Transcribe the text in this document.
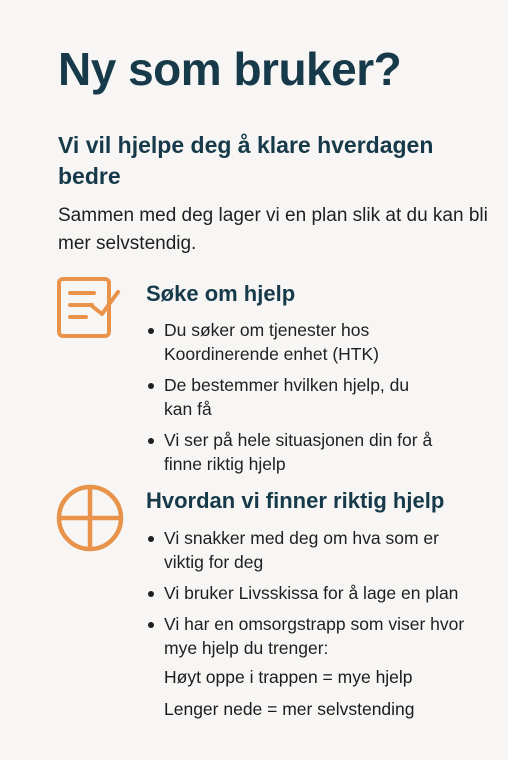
Ny som bruker?
Vi vil hjelpe deg å klare hverdagen bedre
Sammen med deg lager vi en plan slik at du kan bli mer selvstendig.
Søke om hjelp
Du søker om tjenester hos Koordinerende enhet (HTK)
De bestemmer hvilken hjelp, du kan få
Vi ser på hele situasjonen din for å finne riktig hjelp
Hvordan vi finner riktig hjelp
Vi snakker med deg om hva som er viktig for deg
Vi bruker Livsskissa for å lage en plan
Vi har en omsorgstrapp som viser hvor mye hjelp du trenger:
Høyt oppe i trappen = mye hjelp
Lenger nede = mer selvstending
